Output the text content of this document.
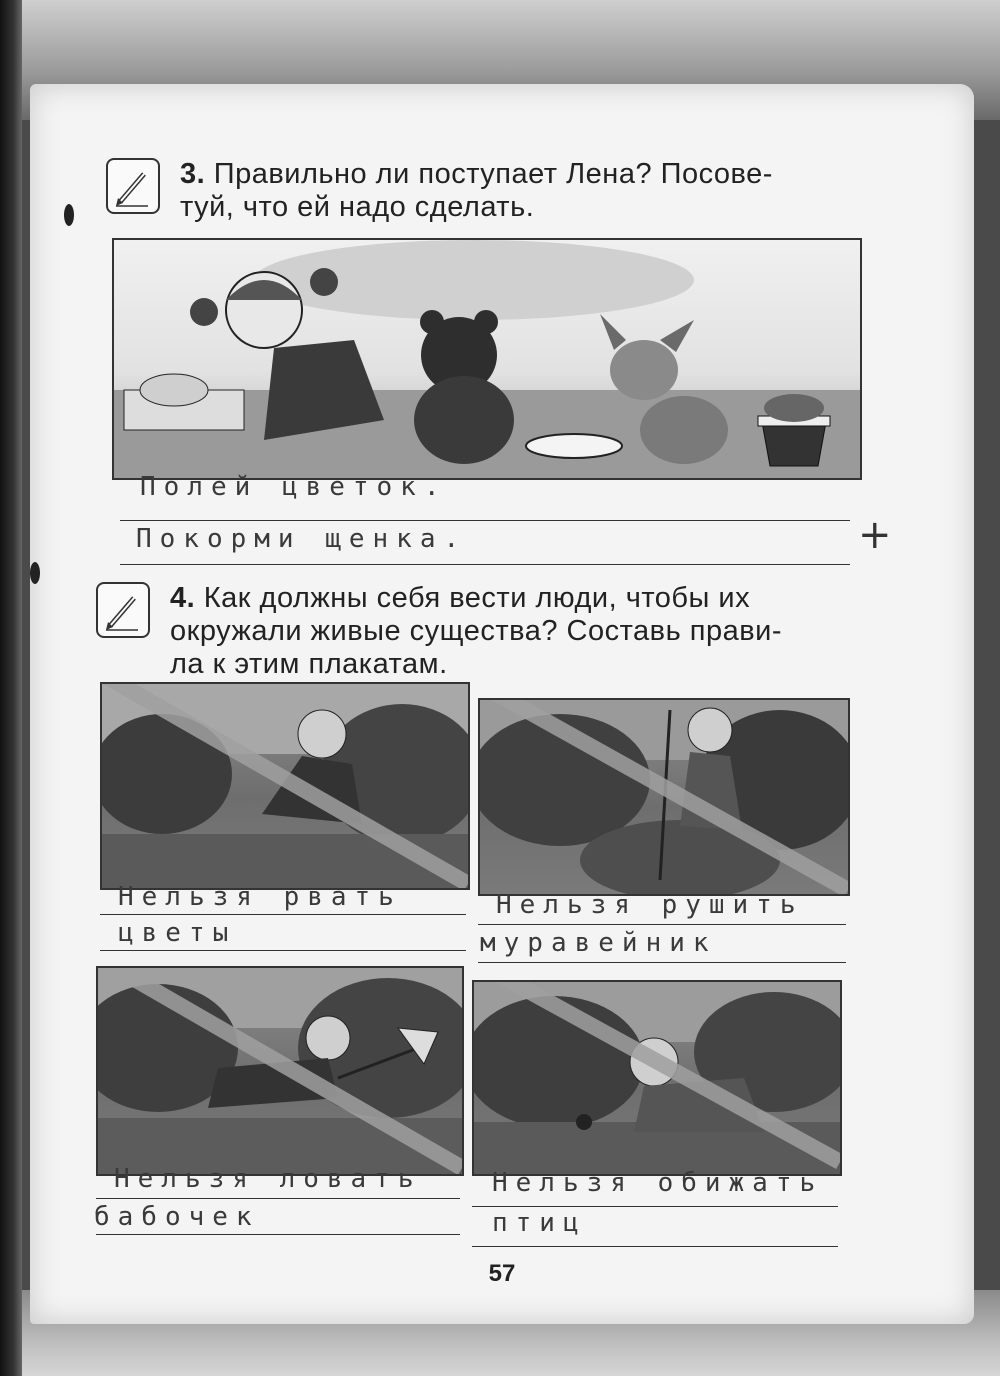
3. Правильно ли поступает Лена? Посове-
туй, что ей надо сделать.
Полей цветок.
Покорми щенка.	+
4. Как должны себя вести люди, чтобы их
окружали живые существа? Составь прави-
ла к этим плакатам.
Нельзя рвать
цветы
Нельзя рушить
муравейник
Нельзя ловать
бабочек
Нельзя обижать
птиц
57
